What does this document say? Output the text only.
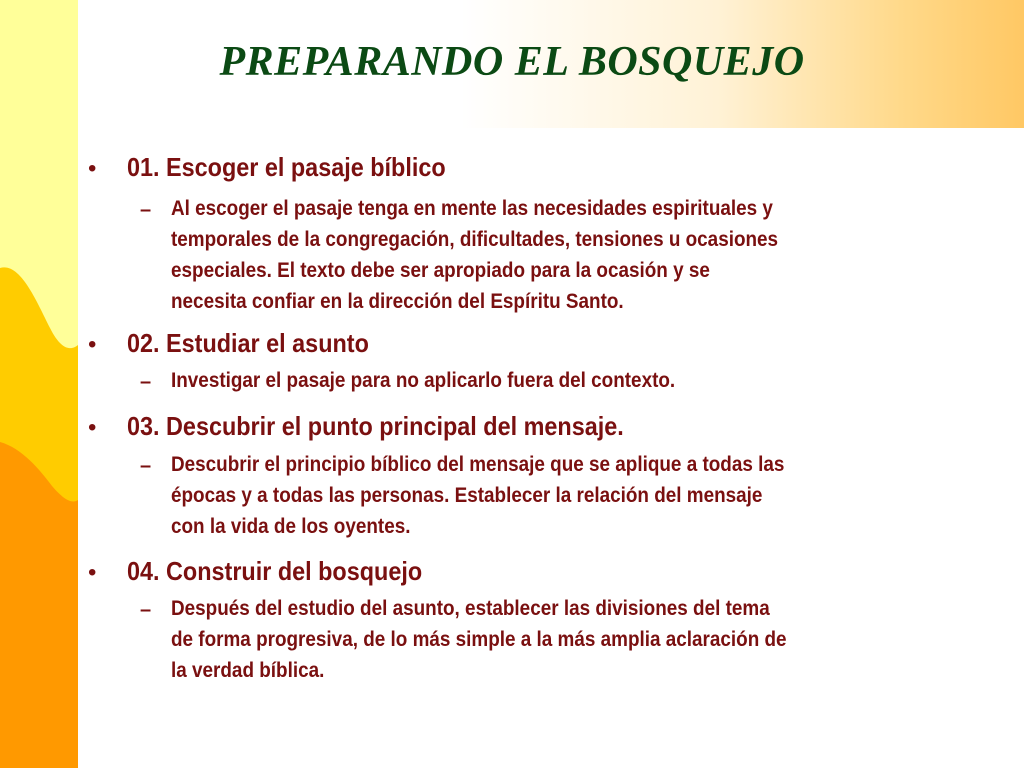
PREPARANDO EL BOSQUEJO
• 01. Escoger el pasaje bíblico
– Al escoger el pasaje tenga en mente las necesidades espirituales y
temporales de la congregación, dificultades, tensiones u ocasiones
especiales. El texto debe ser apropiado para la ocasión y se
necesita confiar en la dirección del Espíritu Santo.
• 02. Estudiar el asunto
– Investigar el pasaje para no aplicarlo fuera del contexto.
• 03. Descubrir el punto principal del mensaje.
– Descubrir el principio bíblico del mensaje que se aplique a todas las
épocas y a todas las personas. Establecer la relación del mensaje
con la vida de los oyentes.
• 04. Construir del bosquejo
– Después del estudio del asunto, establecer las divisiones del tema
de forma progresiva, de lo más simple a la más amplia aclaración de
la verdad bíblica.
